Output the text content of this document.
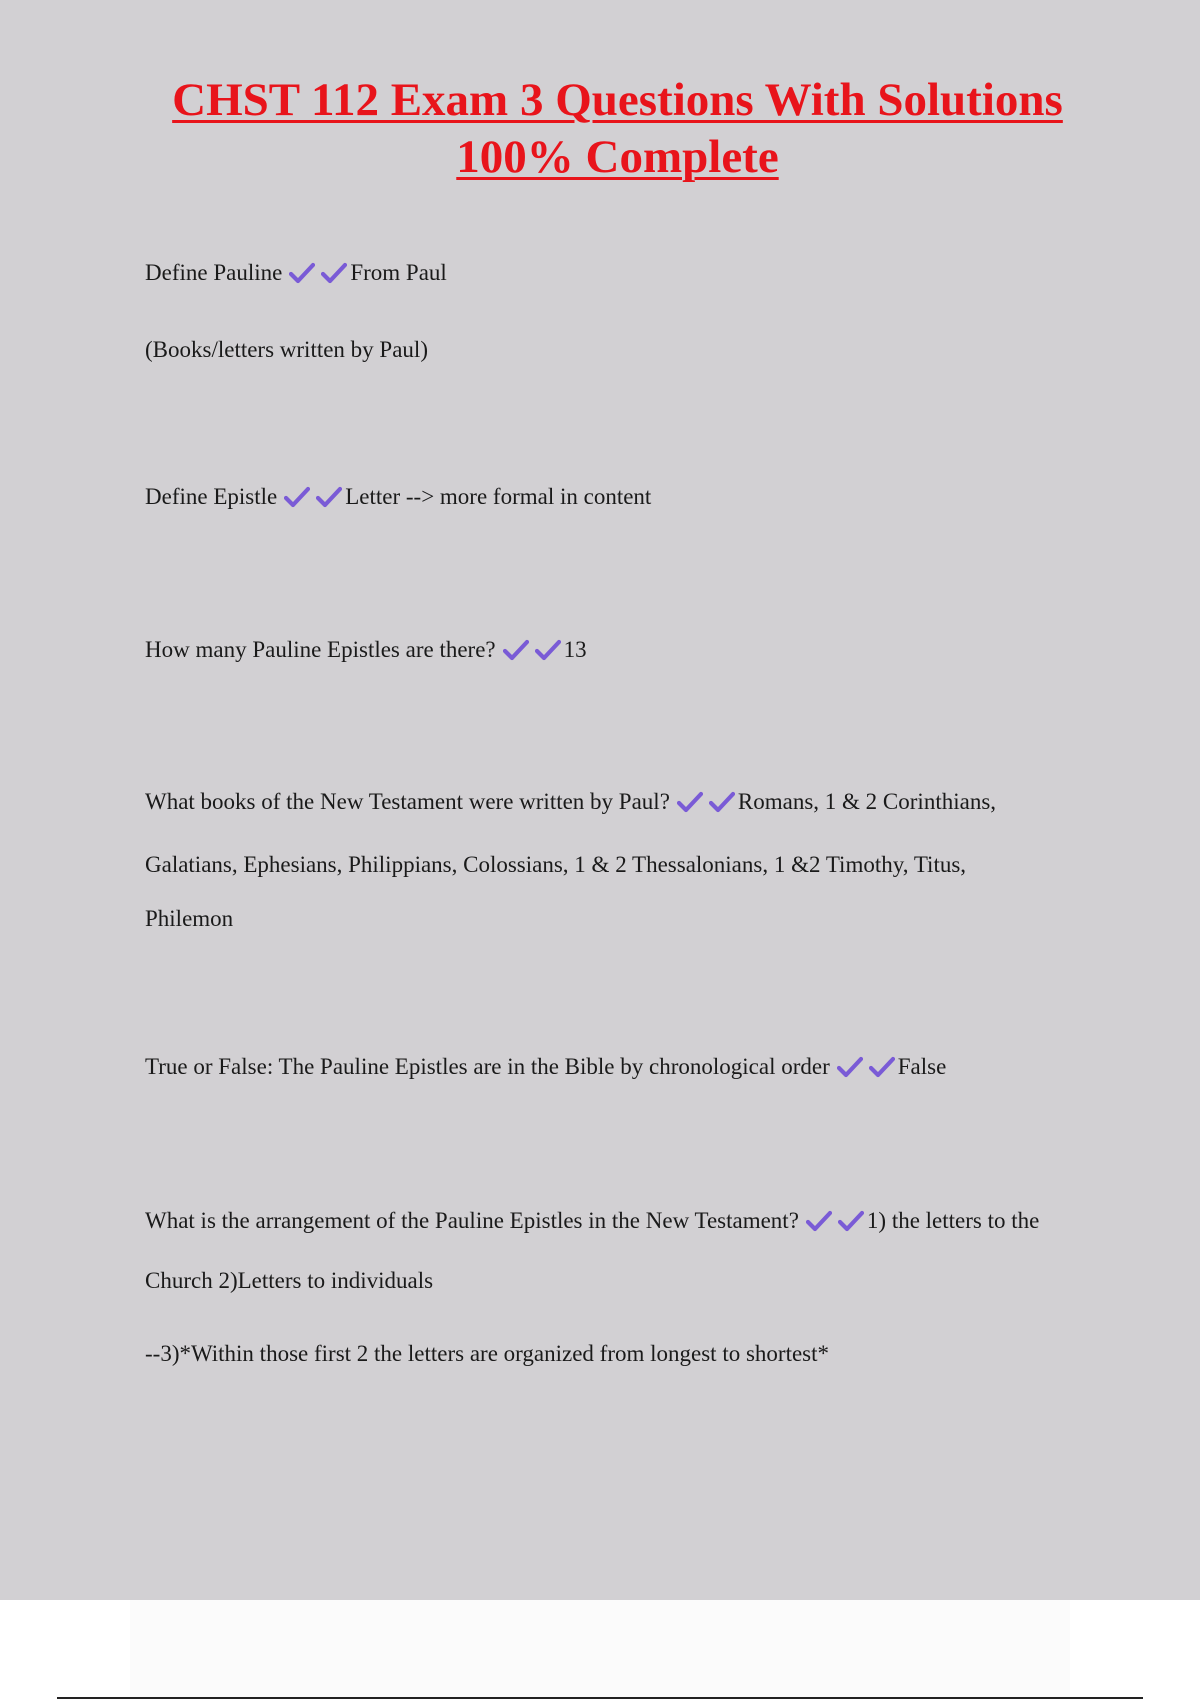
CHST 112 Exam 3 Questions With Solutions
100% Complete

Define Pauline	From Paul

(Books/letters written by Paul)

Define Epistle	Letter --> more formal in content

How many Pauline Epistles are there?	13

What books of the New Testament were written by Paul?	Romans, 1 & 2 Corinthians,

Galatians, Ephesians, Philippians, Colossians, 1 & 2 Thessalonians, 1 &2 Timothy, Titus,

Philemon

True or False: The Pauline Epistles are in the Bible by chronological order	False

What is the arrangement of the Pauline Epistles in the New Testament?	1) the letters to the

Church 2)Letters to individuals

--3)*Within those first 2 the letters are organized from longest to shortest*
